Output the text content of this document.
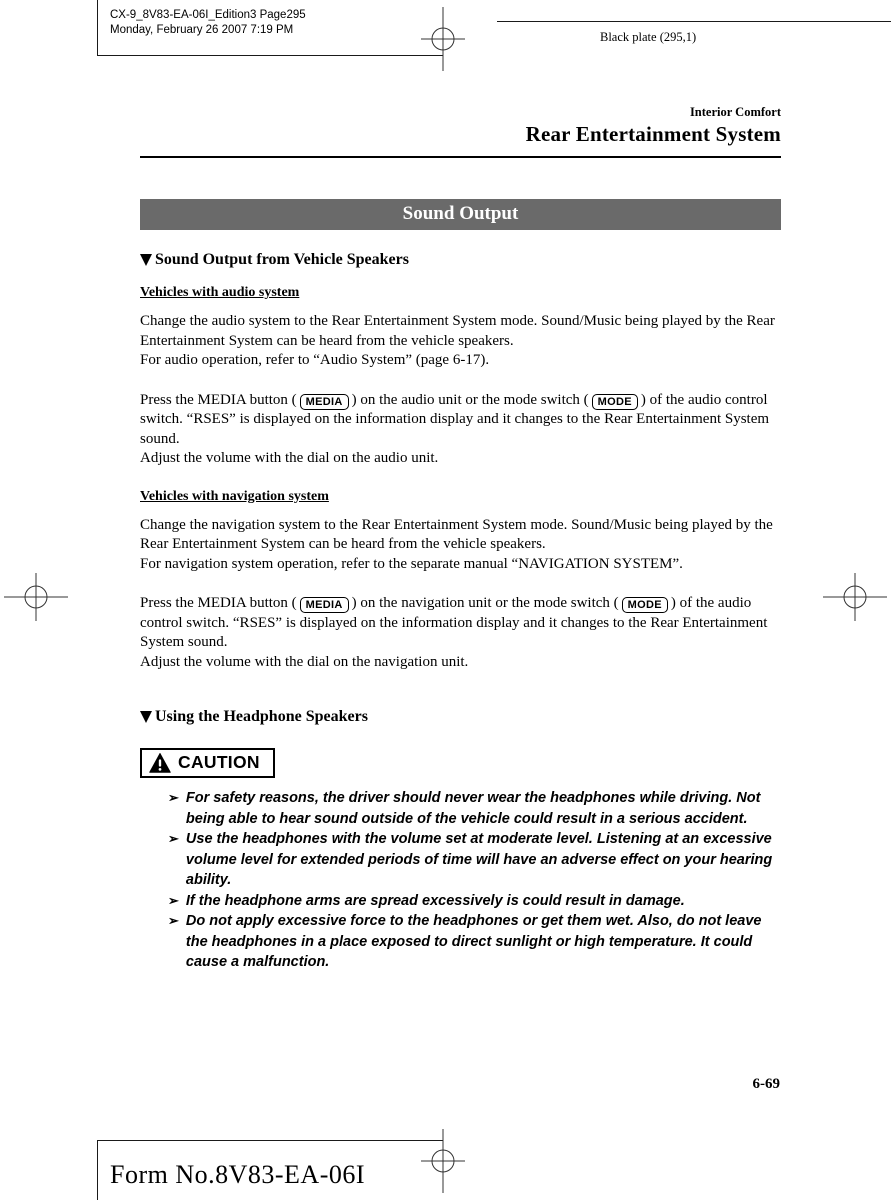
CX-9_8V83-EA-06I_Edition3 Page295
Monday, February 26 2007 7:19 PM	Black plate (295,1)
Interior Comfort
Rear Entertainment System
Sound Output
Sound Output from Vehicle Speakers
Vehicles with audio system

Change the audio system to the Rear Entertainment System mode. Sound/Music being played by the Rear Entertainment System can be heard from the vehicle speakers.
For audio operation, refer to “Audio System” (page 6-17).

Press the MEDIA button ( MEDIA ) on the audio unit or the mode switch ( MODE ) of the audio control switch. “RSES” is displayed on the information display and it changes to the Rear Entertainment System sound.
Adjust the volume with the dial on the audio unit.

Vehicles with navigation system

Change the navigation system to the Rear Entertainment System mode. Sound/Music being played by the Rear Entertainment System can be heard from the vehicle speakers.
For navigation system operation, refer to the separate manual “NAVIGATION SYSTEM”.

Press the MEDIA button ( MEDIA ) on the navigation unit or the mode switch ( MODE ) of the audio control switch. “RSES” is displayed on the information display and it changes to the Rear Entertainment System sound.
Adjust the volume with the dial on the navigation unit.

Using the Headphone Speakers
CAUTION
➢ For safety reasons, the driver should never wear the headphones while driving. Not being able to hear sound outside of the vehicle could result in a serious accident.
➢ Use the headphones with the volume set at moderate level. Listening at an excessive volume level for extended periods of time will have an adverse effect on your hearing ability.
➢ If the headphone arms are spread excessively is could result in damage.
➢ Do not apply excessive force to the headphones or get them wet. Also, do not leave the headphones in a place exposed to direct sunlight or high temperature. It could cause a malfunction.
6-69
Form No.8V83-EA-06I
